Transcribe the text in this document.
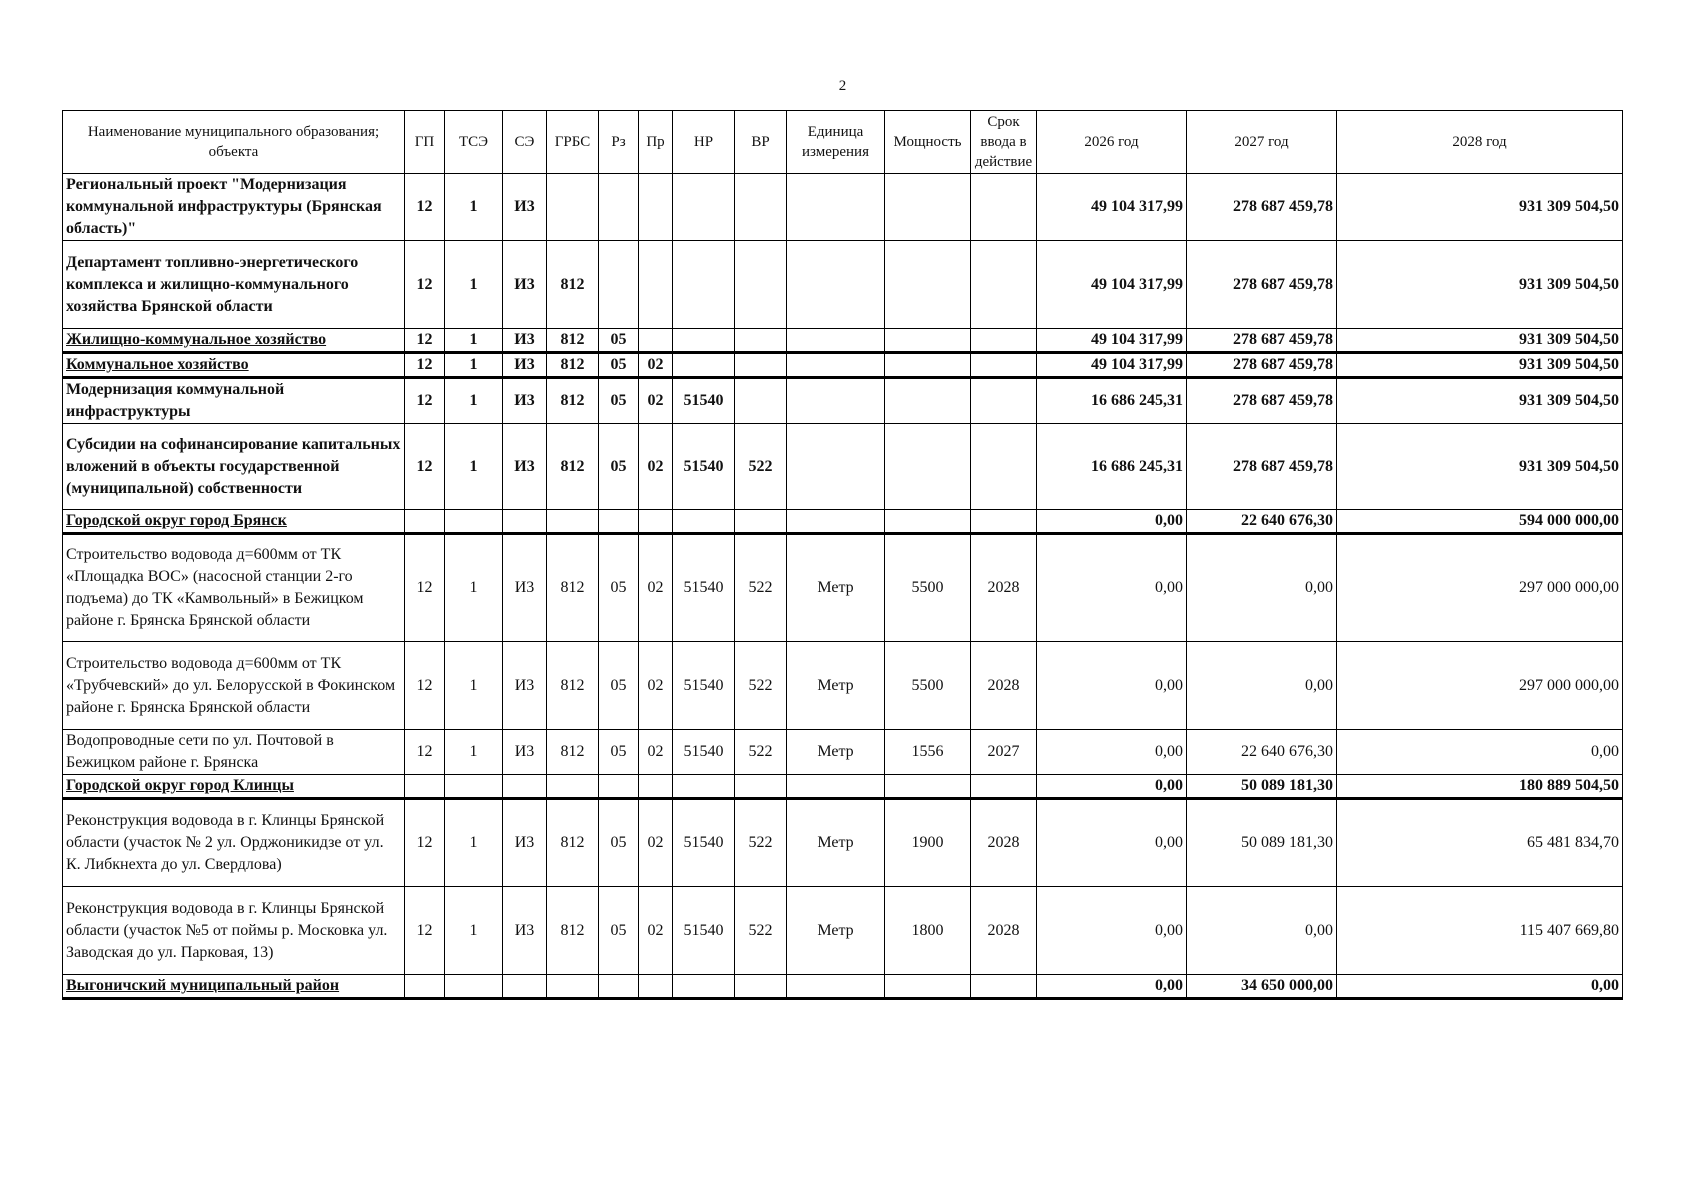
2
Наименование муниципального образования; объекта	ГП	ТСЭ	СЭ	ГРБС	Рз	Пр	НР	ВР	Единица измерения	Мощность	Срок ввода в действие	2026 год	2027 год	2028 год
Региональный проект "Модернизация коммунальной инфраструктуры (Брянская область)"	12	1	И3									49 104 317,99	278 687 459,78	931 309 504,50
Департамент топливно-энергетического комплекса и жилищно-коммунального хозяйства Брянской области	12	1	И3	812								49 104 317,99	278 687 459,78	931 309 504,50
Жилищно-коммунальное хозяйство	12	1	И3	812	05							49 104 317,99	278 687 459,78	931 309 504,50
Коммунальное хозяйство	12	1	И3	812	05	02						49 104 317,99	278 687 459,78	931 309 504,50
Модернизация коммунальной инфраструктуры	12	1	И3	812	05	02	51540					16 686 245,31	278 687 459,78	931 309 504,50
Субсидии на софинансирование капитальных вложений в объекты государственной (муниципальной) собственности	12	1	И3	812	05	02	51540	522				16 686 245,31	278 687 459,78	931 309 504,50
Городской округ город Брянск												0,00	22 640 676,30	594 000 000,00
Строительство водовода д=600мм от ТК «Площадка ВОС» (насосной станции 2-го подъема) до ТК «Камвольный» в Бежицком районе г. Брянска Брянской области	12	1	И3	812	05	02	51540	522	Метр	5500	2028	0,00	0,00	297 000 000,00
Строительство водовода д=600мм от ТК «Трубчевский» до ул. Белорусской в Фокинском районе г. Брянска Брянской области	12	1	И3	812	05	02	51540	522	Метр	5500	2028	0,00	0,00	297 000 000,00
Водопроводные сети по ул. Почтовой в Бежицком районе г. Брянска	12	1	И3	812	05	02	51540	522	Метр	1556	2027	0,00	22 640 676,30	0,00
Городской округ город Клинцы												0,00	50 089 181,30	180 889 504,50
Реконструкция водовода в г. Клинцы Брянской области (участок № 2 ул. Орджоникидзе от ул. К. Либкнехта до ул. Свердлова)	12	1	И3	812	05	02	51540	522	Метр	1900	2028	0,00	50 089 181,30	65 481 834,70
Реконструкция водовода в г. Клинцы Брянской области (участок №5 от поймы р. Московка ул. Заводская до ул. Парковая, 13)	12	1	И3	812	05	02	51540	522	Метр	1800	2028	0,00	0,00	115 407 669,80
Выгоничский муниципальный район												0,00	34 650 000,00	0,00
